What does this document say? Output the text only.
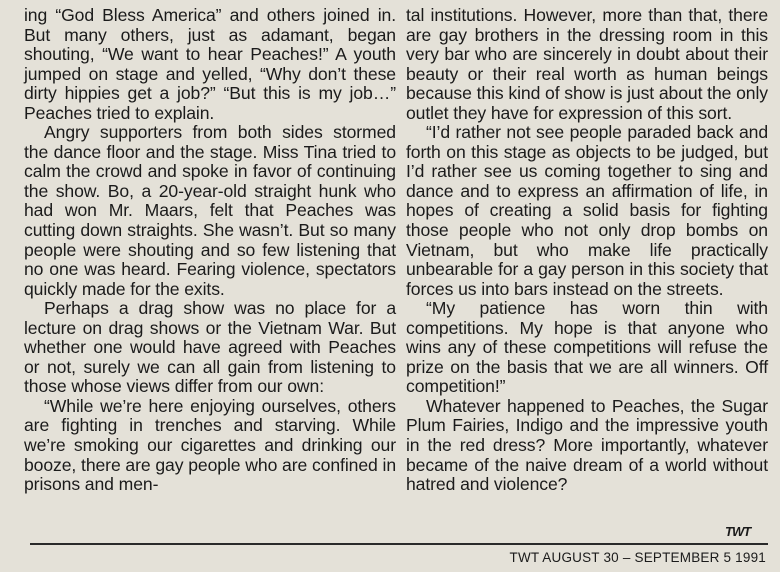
ing “God Bless America” and others joined in. But many others, just as adamant, began shouting, “We want to hear Peaches!” A youth jumped on stage and yelled, “Why don’t these dirty hippies get a job?” “But this is my job…” Peaches tried to explain.

Angry supporters from both sides stormed the dance floor and the stage. Miss Tina tried to calm the crowd and spoke in favor of continuing the show. Bo, a 20-year-old straight hunk who had won Mr. Maars, felt that Peaches was cutting down straights. She wasn’t. But so many people were shouting and so few listening that no one was heard. Fearing violence, spectators quickly made for the exits.

Perhaps a drag show was no place for a lecture on drag shows or the Vietnam War. But whether one would have agreed with Peaches or not, surely we can all gain from listening to those whose views differ from our own:

“While we’re here enjoying ourselves, others are fighting in trenches and starving. While we’re smoking our cigarettes and drinking our booze, there are gay people who are confined in prisons and men-

tal institutions. However, more than that, there are gay brothers in the dressing room in this very bar who are sincerely in doubt about their beauty or their real worth as human beings because this kind of show is just about the only outlet they have for expression of this sort.

“I’d rather not see people paraded back and forth on this stage as objects to be judged, but I’d rather see us coming together to sing and dance and to express an affirmation of life, in hopes of creating a solid basis for fighting those people who not only drop bombs on Vietnam, but who make life practically unbearable for a gay person in this society that forces us into bars instead on the streets.

“My patience has worn thin with competitions. My hope is that anyone who wins any of these competitions will refuse the prize on the basis that we are all winners. Off competition!”

Whatever happened to Peaches, the Sugar Plum Fairies, Indigo and the impressive youth in the red dress? More importantly, whatever became of the naive dream of a world without hatred and violence?

TWT
TWT AUGUST 30 – SEPTEMBER 5 1991
